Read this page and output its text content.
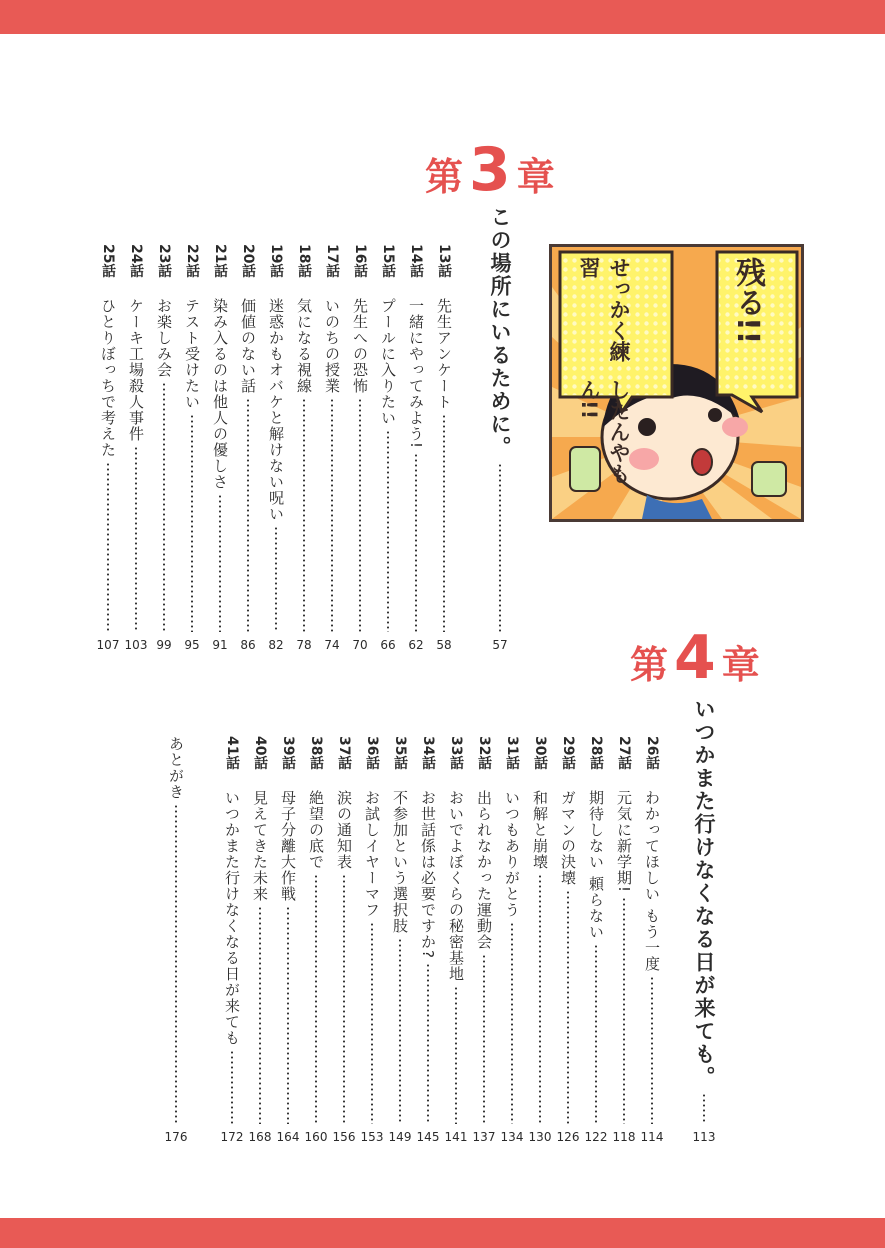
第 3 章
この場所にいるために。
57
13話
先生アンケート
58
14話
一緒にやってみよう!
62
15話
プールに入りたい
66
16話
先生への恐怖
70
17話
いのちの授業
74
18話
気になる視線
78
19話
迷惑かもオバケと解けない呪い
82
20話
価値のない話
86
21話
染み入るのは他人の優しさ
91
22話
テスト受けたい
95
23話
お楽しみ会
99
24話
ケーキ工場殺人事件
103
25話
ひとりぼっちで考えた
107
残る!!
せっかく練習
したんやもん!!
第 4 章
いつかまた行けなくなる日が来ても。
113
26話
わかってほしい もう一度
114
27話
元気に新学期!
118
28話
期待しない 頼らない
122
29話
ガマンの決壊
126
30話
和解と崩壊
130
31話
いつもありがとう
134
32話
出られなかった運動会
137
33話
おいでよぼくらの秘密基地
141
34話
お世話係は必要ですか?
145
35話
不参加という選択肢
149
36話
お試しイヤーマフ
153
37話
涙の通知表
156
38話
絶望の底で
160
39話
母子分離大作戦
164
40話
見えてきた未来
168
41話
いつかまた行けなくなる日が来ても
172
あとがき
176
